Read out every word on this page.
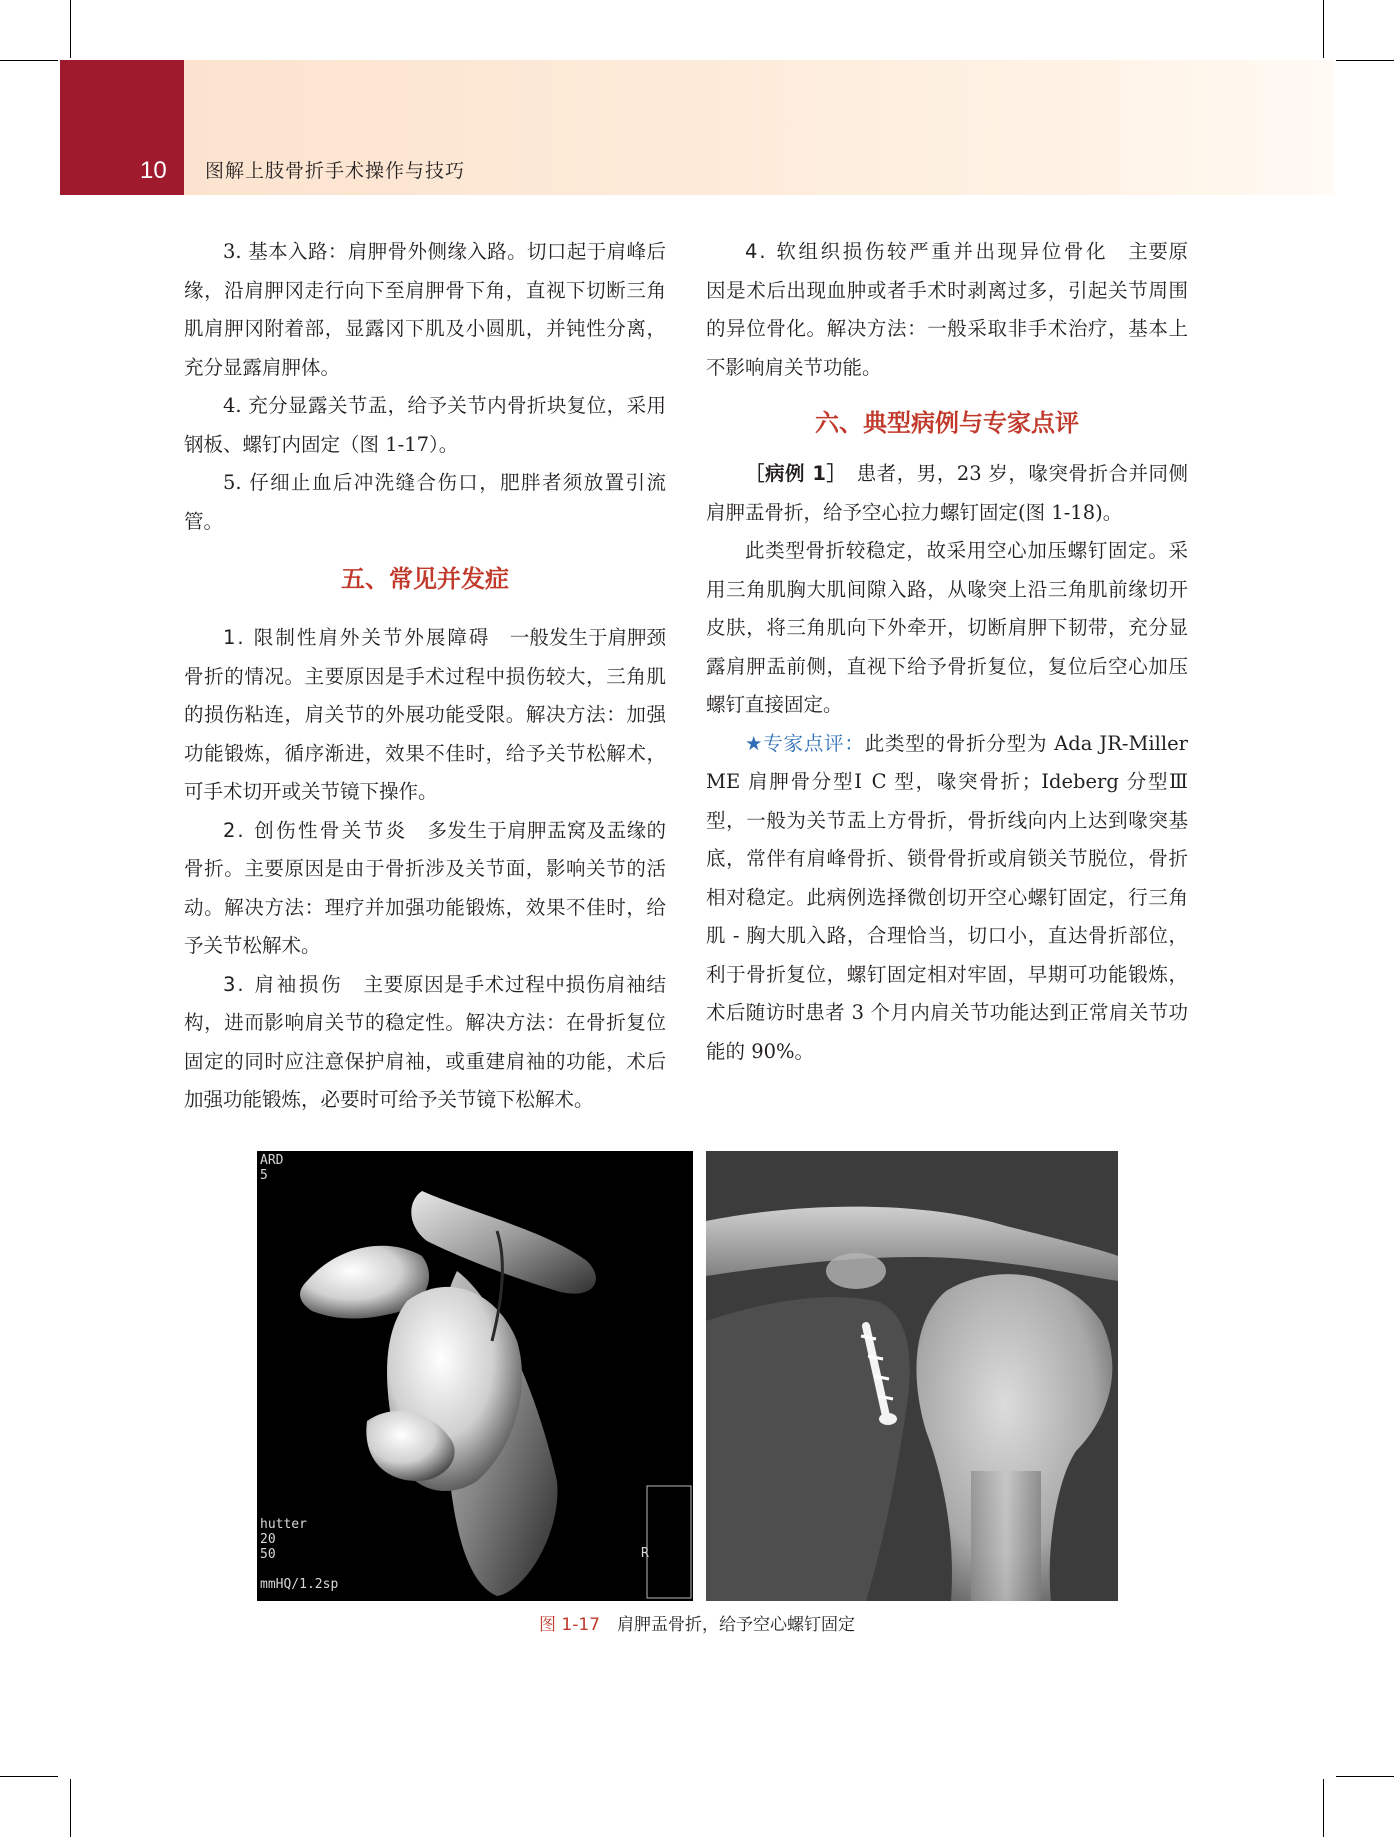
10 图解上肢骨折手术操作与技巧

3. 基本入路：肩胛骨外侧缘入路。切口起于肩峰后缘，沿肩胛冈走行向下至肩胛骨下角，直视下切断三角肌肩胛冈附着部，显露冈下肌及小圆肌，并钝性分离，充分显露肩胛体。

4. 充分显露关节盂，给予关节内骨折块复位，采用钢板、螺钉内固定（图 1-17）。

5. 仔细止血后冲洗缝合伤口，肥胖者须放置引流管。

五、常见并发症

1. 限制性肩外关节外展障碍　 一般发生于肩胛颈骨折的情况。主要原因是手术过程中损伤较大，三角肌的损伤粘连，肩关节的外展功能受限。解决方法：加强功能锻炼，循序渐进，效果不佳时，给予关节松解术，可手术切开或关节镜下操作。

2. 创伤性骨关节炎　 多发生于肩胛盂窝及盂缘的骨折。主要原因是由于骨折涉及关节面，影响关节的活动。解决方法：理疗并加强功能锻炼，效果不佳时，给予关节松解术。

3. 肩袖损伤　 主要原因是手术过程中损伤肩袖结构，进而影响肩关节的稳定性。解决方法：在骨折复位固定的同时应注意保护肩袖，或重建肩袖的功能，术后加强功能锻炼，必要时可给予关节镜下松解术。

4. 软组织损伤较严重并出现异位骨化　 主要原因是术后出现血肿或者手术时剥离过多，引起关节周围的异位骨化。解决方法：一般采取非手术治疗，基本上不影响肩关节功能。

六、典型病例与专家点评

［病例 1］　 患者，男，23 岁，喙突骨折合并同侧肩胛盂骨折，给予空心拉力螺钉固定(图 1-18)。

此类型骨折较稳定，故采用空心加压螺钉固定。采用三角肌胸大肌间隙入路，从喙突上沿三角肌前缘切开皮肤，将三角肌向下外牵开，切断肩胛下韧带，充分显露肩胛盂前侧，直视下给予骨折复位，复位后空心加压螺钉直接固定。

★专家点评：此类型的骨折分型为 Ada JR-Miller ME 肩胛骨分型Ⅰ C 型，喙突骨折；Ideberg 分型Ⅲ型，一般为关节盂上方骨折，骨折线向内上达到喙突基底，常伴有肩峰骨折、锁骨骨折或肩锁关节脱位，骨折相对稳定。此病例选择微创切开空心螺钉固定，行三角肌 - 胸大肌入路，合理恰当，切口小，直达骨折部位，利于骨折复位，螺钉固定相对牢固，早期可功能锻炼，术后随访时患者 3 个月内肩关节功能达到正常肩关节功能的 90%。

ARD
5
hutter
20
50

mmHQ/1.2sp
R
图 1-17　 肩胛盂骨折，给予空心螺钉固定
